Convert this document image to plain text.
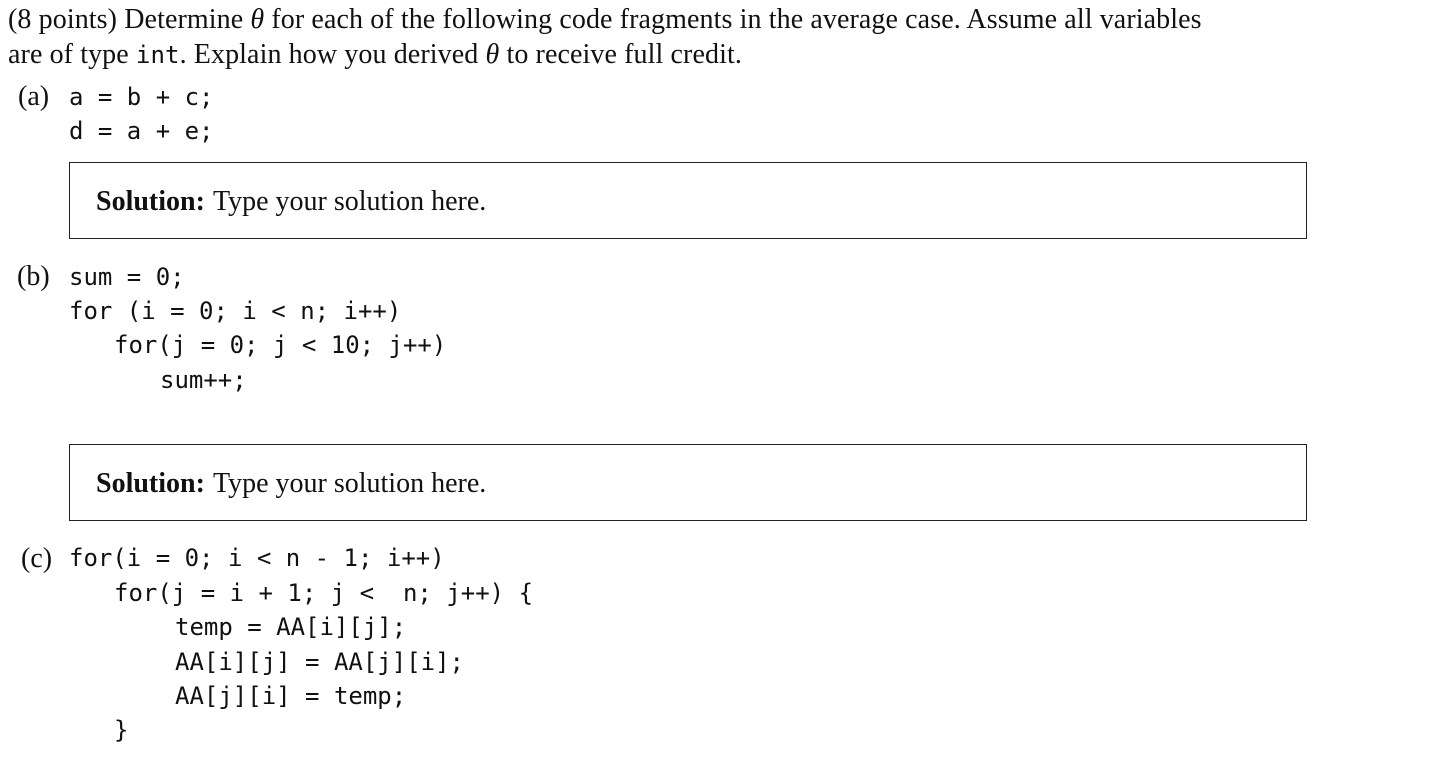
(8 points) Determine θ for each of the following code fragments in the average case. Assume all variables
are of type int. Explain how you derived θ to receive full credit.
(a) a = b + c;
d = a + e;
Solution: Type your solution here.
(b) sum = 0;
for (i = 0; i < n; i++)
for(j = 0; j < 10; j++)
sum++;
Solution: Type your solution here.
(c) for(i = 0; i < n - 1; i++)
for(j = i + 1; j <  n; j++) {
temp = AA[i][j];
AA[i][j] = AA[j][i];
AA[j][i] = temp;
}
